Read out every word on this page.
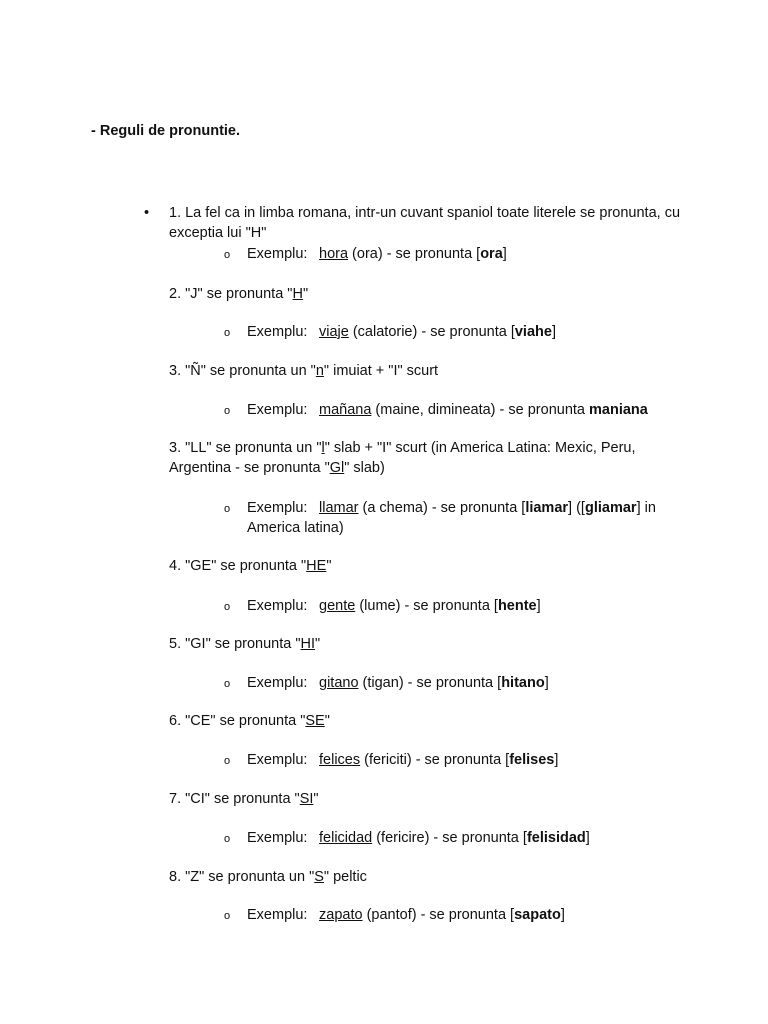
- Reguli de pronuntie.
• 1. La fel ca in limba romana, intr-un cuvant spaniol toate literele se pronunta, cu exceptia lui "H"
o Exemplu: hora (ora) - se pronunta [ora]
2. "J" se pronunta "H"
o Exemplu: viaje (calatorie) - se pronunta [viahe]
3. "Ñ" se pronunta un "n" imuiat + "I" scurt
o Exemplu: mañana (maine, dimineata) - se pronunta maniana
3. "LL" se pronunta un "l" slab + "I" scurt (in America Latina: Mexic, Peru, Argentina - se pronunta "Gl" slab)
o Exemplu: llamar (a chema) - se pronunta [liamar] ([gliamar] in America latina)
4. "GE" se pronunta "HE"
o Exemplu: gente (lume) - se pronunta [hente]
5. "GI" se pronunta "HI"
o Exemplu: gitano (tigan) - se pronunta [hitano]
6. "CE" se pronunta "SE"
o Exemplu: felices (fericiti) - se pronunta [felises]
7. "CI" se pronunta "SI"
o Exemplu: felicidad (fericire) - se pronunta [felisidad]
8. "Z" se pronunta un "S" peltic
o Exemplu: zapato (pantof) - se pronunta [sapato]
